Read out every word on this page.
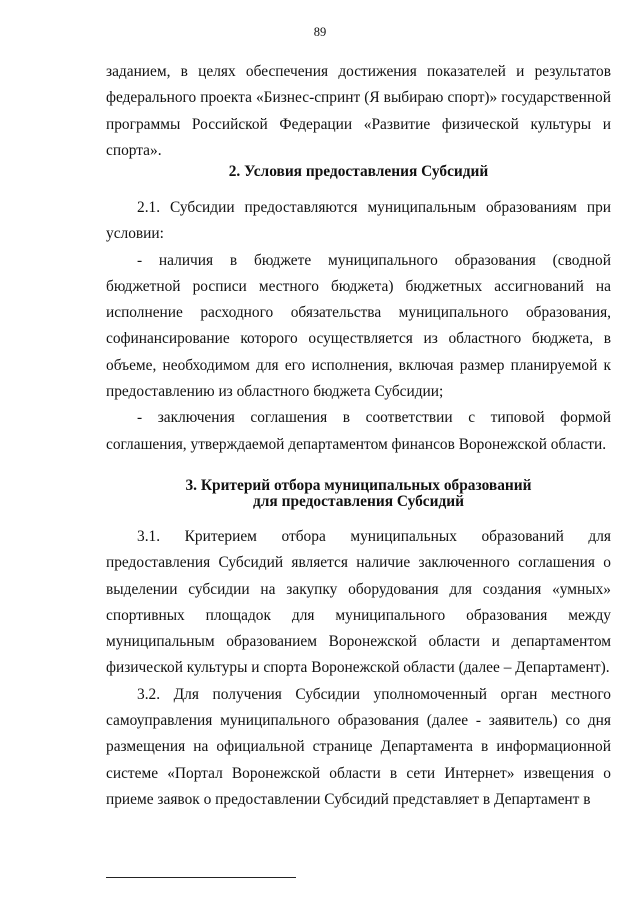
89

заданием, в целях обеспечения достижения показателей и результатов федерального проекта «Бизнес-спринт (Я выбираю спорт)» государственной программы Российской Федерации «Развитие физической культуры и спорта».

2. Условия предоставления Субсидий

2.1. Субсидии предоставляются муниципальным образованиям при условии:

- наличия в бюджете муниципального образования (сводной бюджетной росписи местного бюджета) бюджетных ассигнований на исполнение расходного обязательства муниципального образования, софинансирование которого осуществляется из областного бюджета, в объеме, необходимом для его исполнения, включая размер планируемой к предоставлению из областного бюджета Субсидии;

- заключения соглашения в соответствии с типовой формой соглашения, утверждаемой департаментом финансов Воронежской области.

3. Критерий отбора муниципальных образований

для предоставления Субсидий

3.1. Критерием отбора муниципальных образований для предоставления Субсидий является наличие заключенного соглашения о выделении субсидии на закупку оборудования для создания «умных» спортивных площадок для муниципального образования между муниципальным образованием Воронежской области и департаментом физической культуры и спорта Воронежской области (далее – Департамент).

3.2. Для получения Субсидии уполномоченный орган местного самоуправления муниципального образования (далее - заявитель) со дня размещения на официальной странице Департамента в информационной системе «Портал Воронежской области в сети Интернет» извещения о приеме заявок о предоставлении Субсидий представляет в Департамент в
